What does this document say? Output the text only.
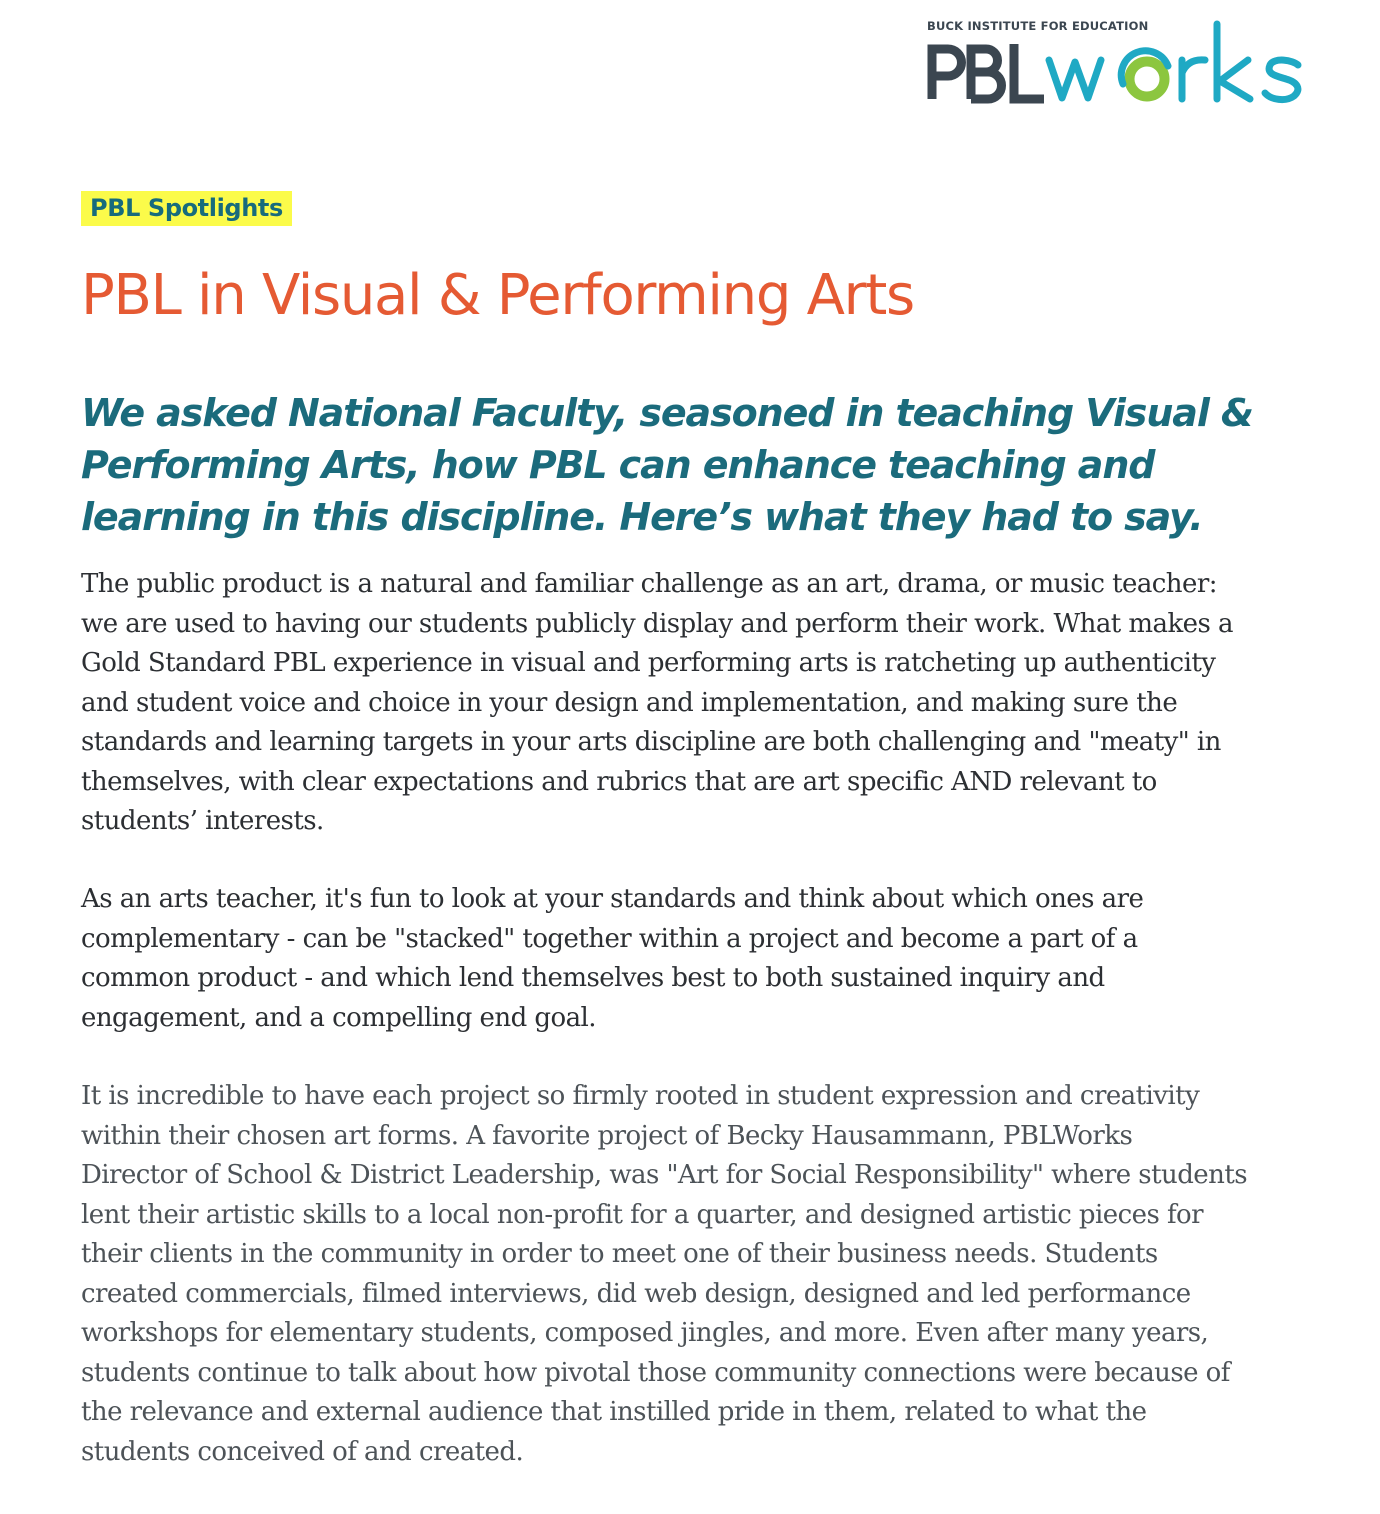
BUCK INSTITUTE FOR EDUCATION
PBL Spotlights
PBL in Visual & Performing Arts
We asked National Faculty, seasoned in teaching Visual &
Performing Arts, how PBL can enhance teaching and
learning in this discipline. Here’s what they had to say.
The public product is a natural and familiar challenge as an art, drama, or music teacher:
we are used to having our students publicly display and perform their work. What makes a
Gold Standard PBL experience in visual and performing arts is ratcheting up authenticity
and student voice and choice in your design and implementation, and making sure the
standards and learning targets in your arts discipline are both challenging and "meaty" in
themselves, with clear expectations and rubrics that are art specific AND relevant to
students’ interests.
As an arts teacher, it's fun to look at your standards and think about which ones are
complementary - can be "stacked" together within a project and become a part of a
common product - and which lend themselves best to both sustained inquiry and
engagement, and a compelling end goal.
It is incredible to have each project so firmly rooted in student expression and creativity
within their chosen art forms. A favorite project of Becky Hausammann, PBLWorks
Director of School & District Leadership, was "Art for Social Responsibility" where students
lent their artistic skills to a local non-profit for a quarter, and designed artistic pieces for
their clients in the community in order to meet one of their business needs. Students
created commercials, filmed interviews, did web design, designed and led performance
workshops for elementary students, composed jingles, and more. Even after many years,
students continue to talk about how pivotal those community connections were because of
the relevance and external audience that instilled pride in them, related to what the
students conceived of and created.
